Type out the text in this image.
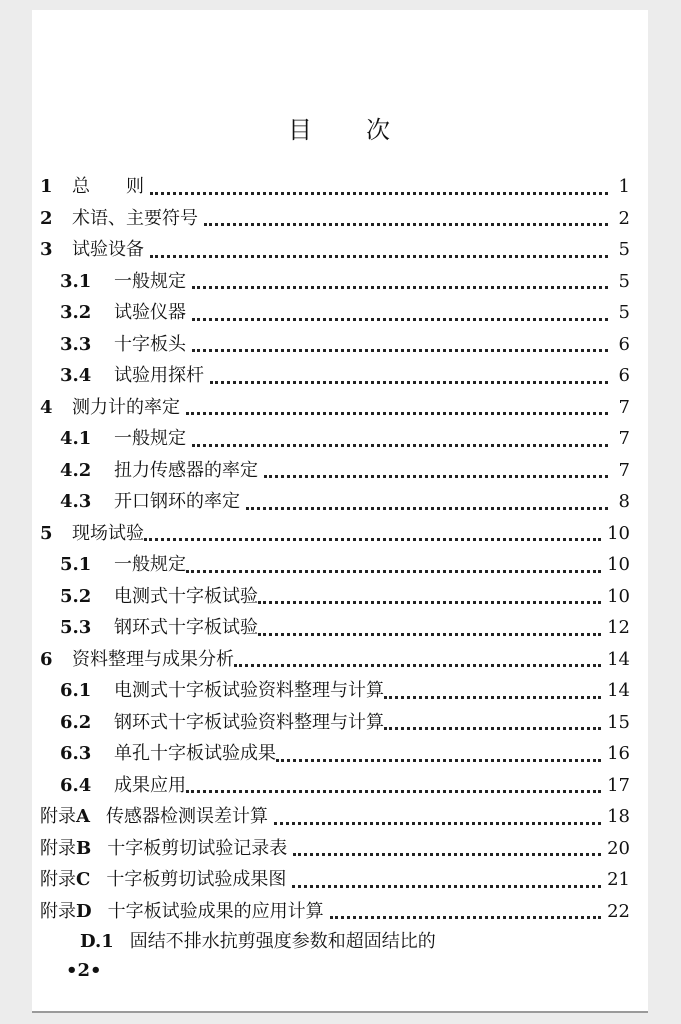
目 次
1	总　　则	1
2	术语、主要符号	2
3	试验设备	5
3.1	一般规定	5
3.2	试验仪器	5
3.3	十字板头	6
3.4	试验用探杆	6
4	测力计的率定	7
4.1	一般规定	7
4.2	扭力传感器的率定	7
4.3	开口钢环的率定	8
5	现场试验	10
5.1	一般规定	10
5.2	电测式十字板试验	10
5.3	钢环式十字板试验	12
6	资料整理与成果分析	14
6.1	电测式十字板试验资料整理与计算	14
6.2	钢环式十字板试验资料整理与计算	15
6.3	单孔十字板试验成果	16
6.4	成果应用	17
附录A 传感器检测误差计算	18
附录B 十字板剪切试验记录表	20
附录C 十字板剪切试验成果图	21
附录D 十字板试验成果的应用计算	22
D.1 固结不排水抗剪强度参数和超固结比的
•2•
